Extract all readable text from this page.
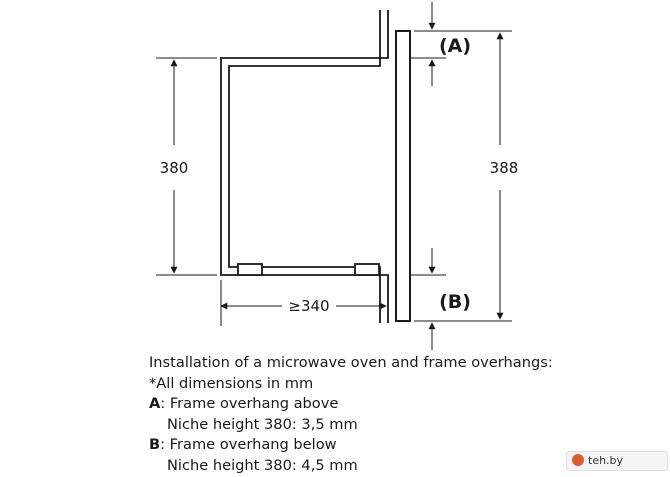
380
≥340
388
(A)
(B)
Installation of a microwave oven and frame overhangs:
*All dimensions in mm
A: Frame overhang above
Niche height 380: 3,5 mm
B: Frame overhang below
Niche height 380: 4,5 mm	teh.by
